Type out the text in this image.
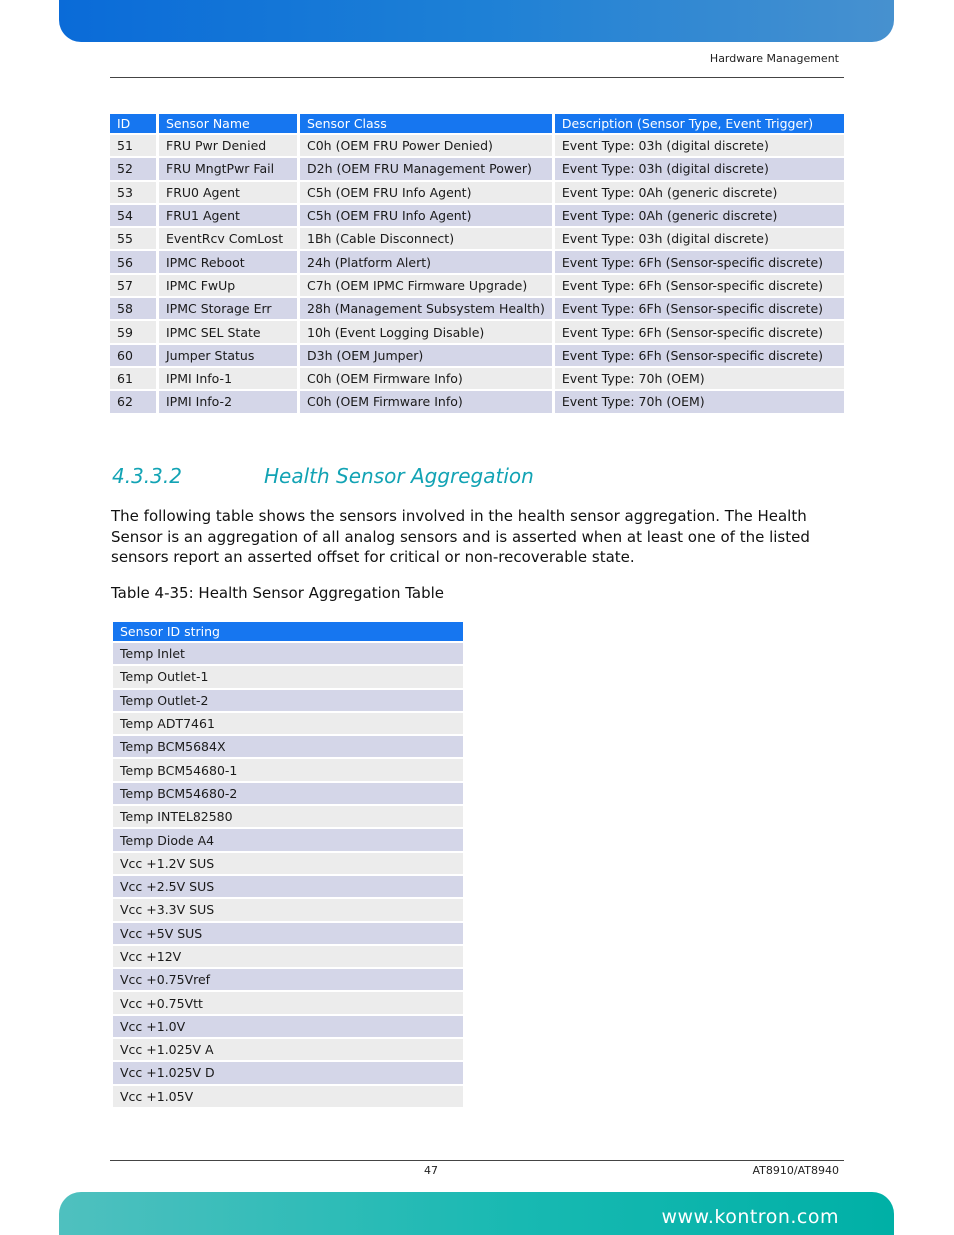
Hardware Management
ID	Sensor Name	Sensor Class	Description (Sensor Type, Event Trigger)
51	FRU Pwr Denied	C0h (OEM FRU Power Denied)	Event Type: 03h (digital discrete)
52	FRU MngtPwr Fail	D2h (OEM FRU Management Power)	Event Type: 03h (digital discrete)
53	FRU0 Agent	C5h (OEM FRU Info Agent)	Event Type: 0Ah (generic discrete)
54	FRU1 Agent	C5h (OEM FRU Info Agent)	Event Type: 0Ah (generic discrete)
55	EventRcv ComLost	1Bh (Cable Disconnect)	Event Type: 03h (digital discrete)
56	IPMC Reboot	24h (Platform Alert)	Event Type: 6Fh (Sensor-specific discrete)
57	IPMC FwUp	C7h (OEM IPMC Firmware Upgrade)	Event Type: 6Fh (Sensor-specific discrete)
58	IPMC Storage Err	28h (Management Subsystem Health)	Event Type: 6Fh (Sensor-specific discrete)
59	IPMC SEL State	10h (Event Logging Disable)	Event Type: 6Fh (Sensor-specific discrete)
60	Jumper Status	D3h (OEM Jumper)	Event Type: 6Fh (Sensor-specific discrete)
61	IPMI Info-1	C0h (OEM Firmware Info)	Event Type: 70h (OEM)
62	IPMI Info-2	C0h (OEM Firmware Info)	Event Type: 70h (OEM)
4.3.3.2	Health Sensor Aggregation
The following table shows the sensors involved in the health sensor aggregation. The Health Sensor is an aggregation of all analog sensors and is asserted when at least one of the listed sensors report an asserted offset for critical or non-recoverable state.
Table 4-35: Health Sensor Aggregation Table
Sensor ID string
Temp Inlet
Temp Outlet-1
Temp Outlet-2
Temp ADT7461
Temp BCM5684X
Temp BCM54680-1
Temp BCM54680-2
Temp INTEL82580
Temp Diode A4
Vcc +1.2V SUS
Vcc +2.5V SUS
Vcc +3.3V SUS
Vcc +5V SUS
Vcc +12V
Vcc +0.75Vref
Vcc +0.75Vtt
Vcc +1.0V
Vcc +1.025V A
Vcc +1.025V D
Vcc +1.05V
47	AT8910/AT8940
www.kontron.com
